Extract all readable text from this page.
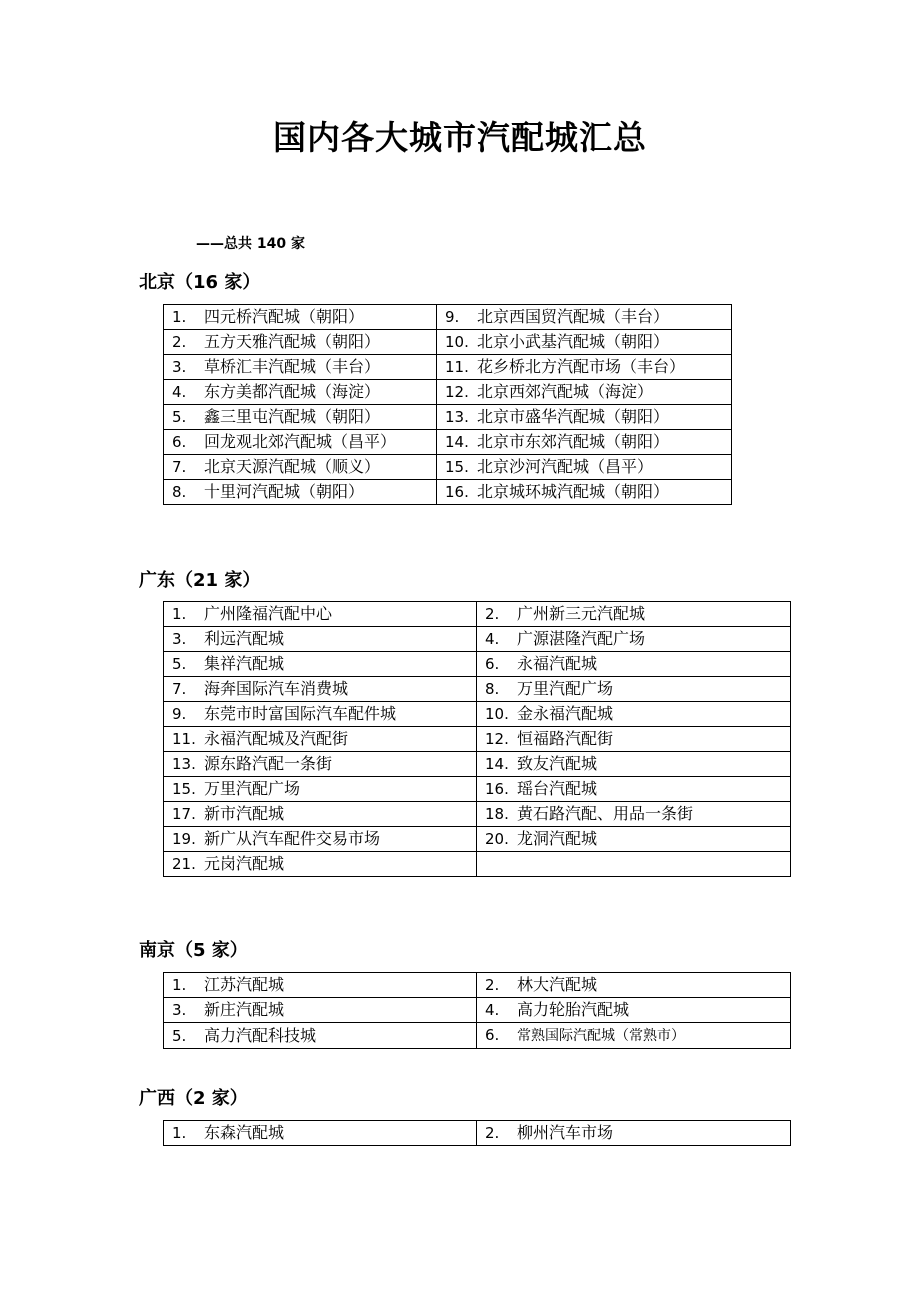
国内各大城市汽配城汇总
——总共 140 家
北京（16 家）
1. 四元桥汽配城（朝阳）	9. 北京西国贸汽配城（丰台）
2. 五方天雅汽配城（朝阳）	10. 北京小武基汽配城（朝阳）
3. 草桥汇丰汽配城（丰台）	11. 花乡桥北方汽配市场（丰台）
4. 东方美都汽配城（海淀）	12. 北京西郊汽配城（海淀）
5. 鑫三里屯汽配城（朝阳）	13. 北京市盛华汽配城（朝阳）
6. 回龙观北郊汽配城（昌平）	14. 北京市东郊汽配城（朝阳）
7. 北京天源汽配城（顺义）	15. 北京沙河汽配城（昌平）
8. 十里河汽配城（朝阳）	16. 北京城环城汽配城（朝阳）
广东（21 家）
1. 广州隆福汽配中心	2. 广州新三元汽配城
3. 利远汽配城	4. 广源湛隆汽配广场
5. 集祥汽配城	6. 永福汽配城
7. 海奔国际汽车消费城	8. 万里汽配广场
9. 东莞市时富国际汽车配件城	10. 金永福汽配城
11. 永福汽配城及汽配街	12. 恒福路汽配街
13. 源东路汽配一条街	14. 致友汽配城
15. 万里汽配广场	16. 瑶台汽配城
17. 新市汽配城	18. 黄石路汽配、用品一条街
19. 新广从汽车配件交易市场	20. 龙洞汽配城
21. 元岗汽配城	
南京（5 家）
1. 江苏汽配城	2. 林大汽配城
3. 新庄汽配城	4. 高力轮胎汽配城
5. 高力汽配科技城	6. 常熟国际汽配城（常熟市）
广西（2 家）
1. 东森汽配城	2. 柳州汽车市场
